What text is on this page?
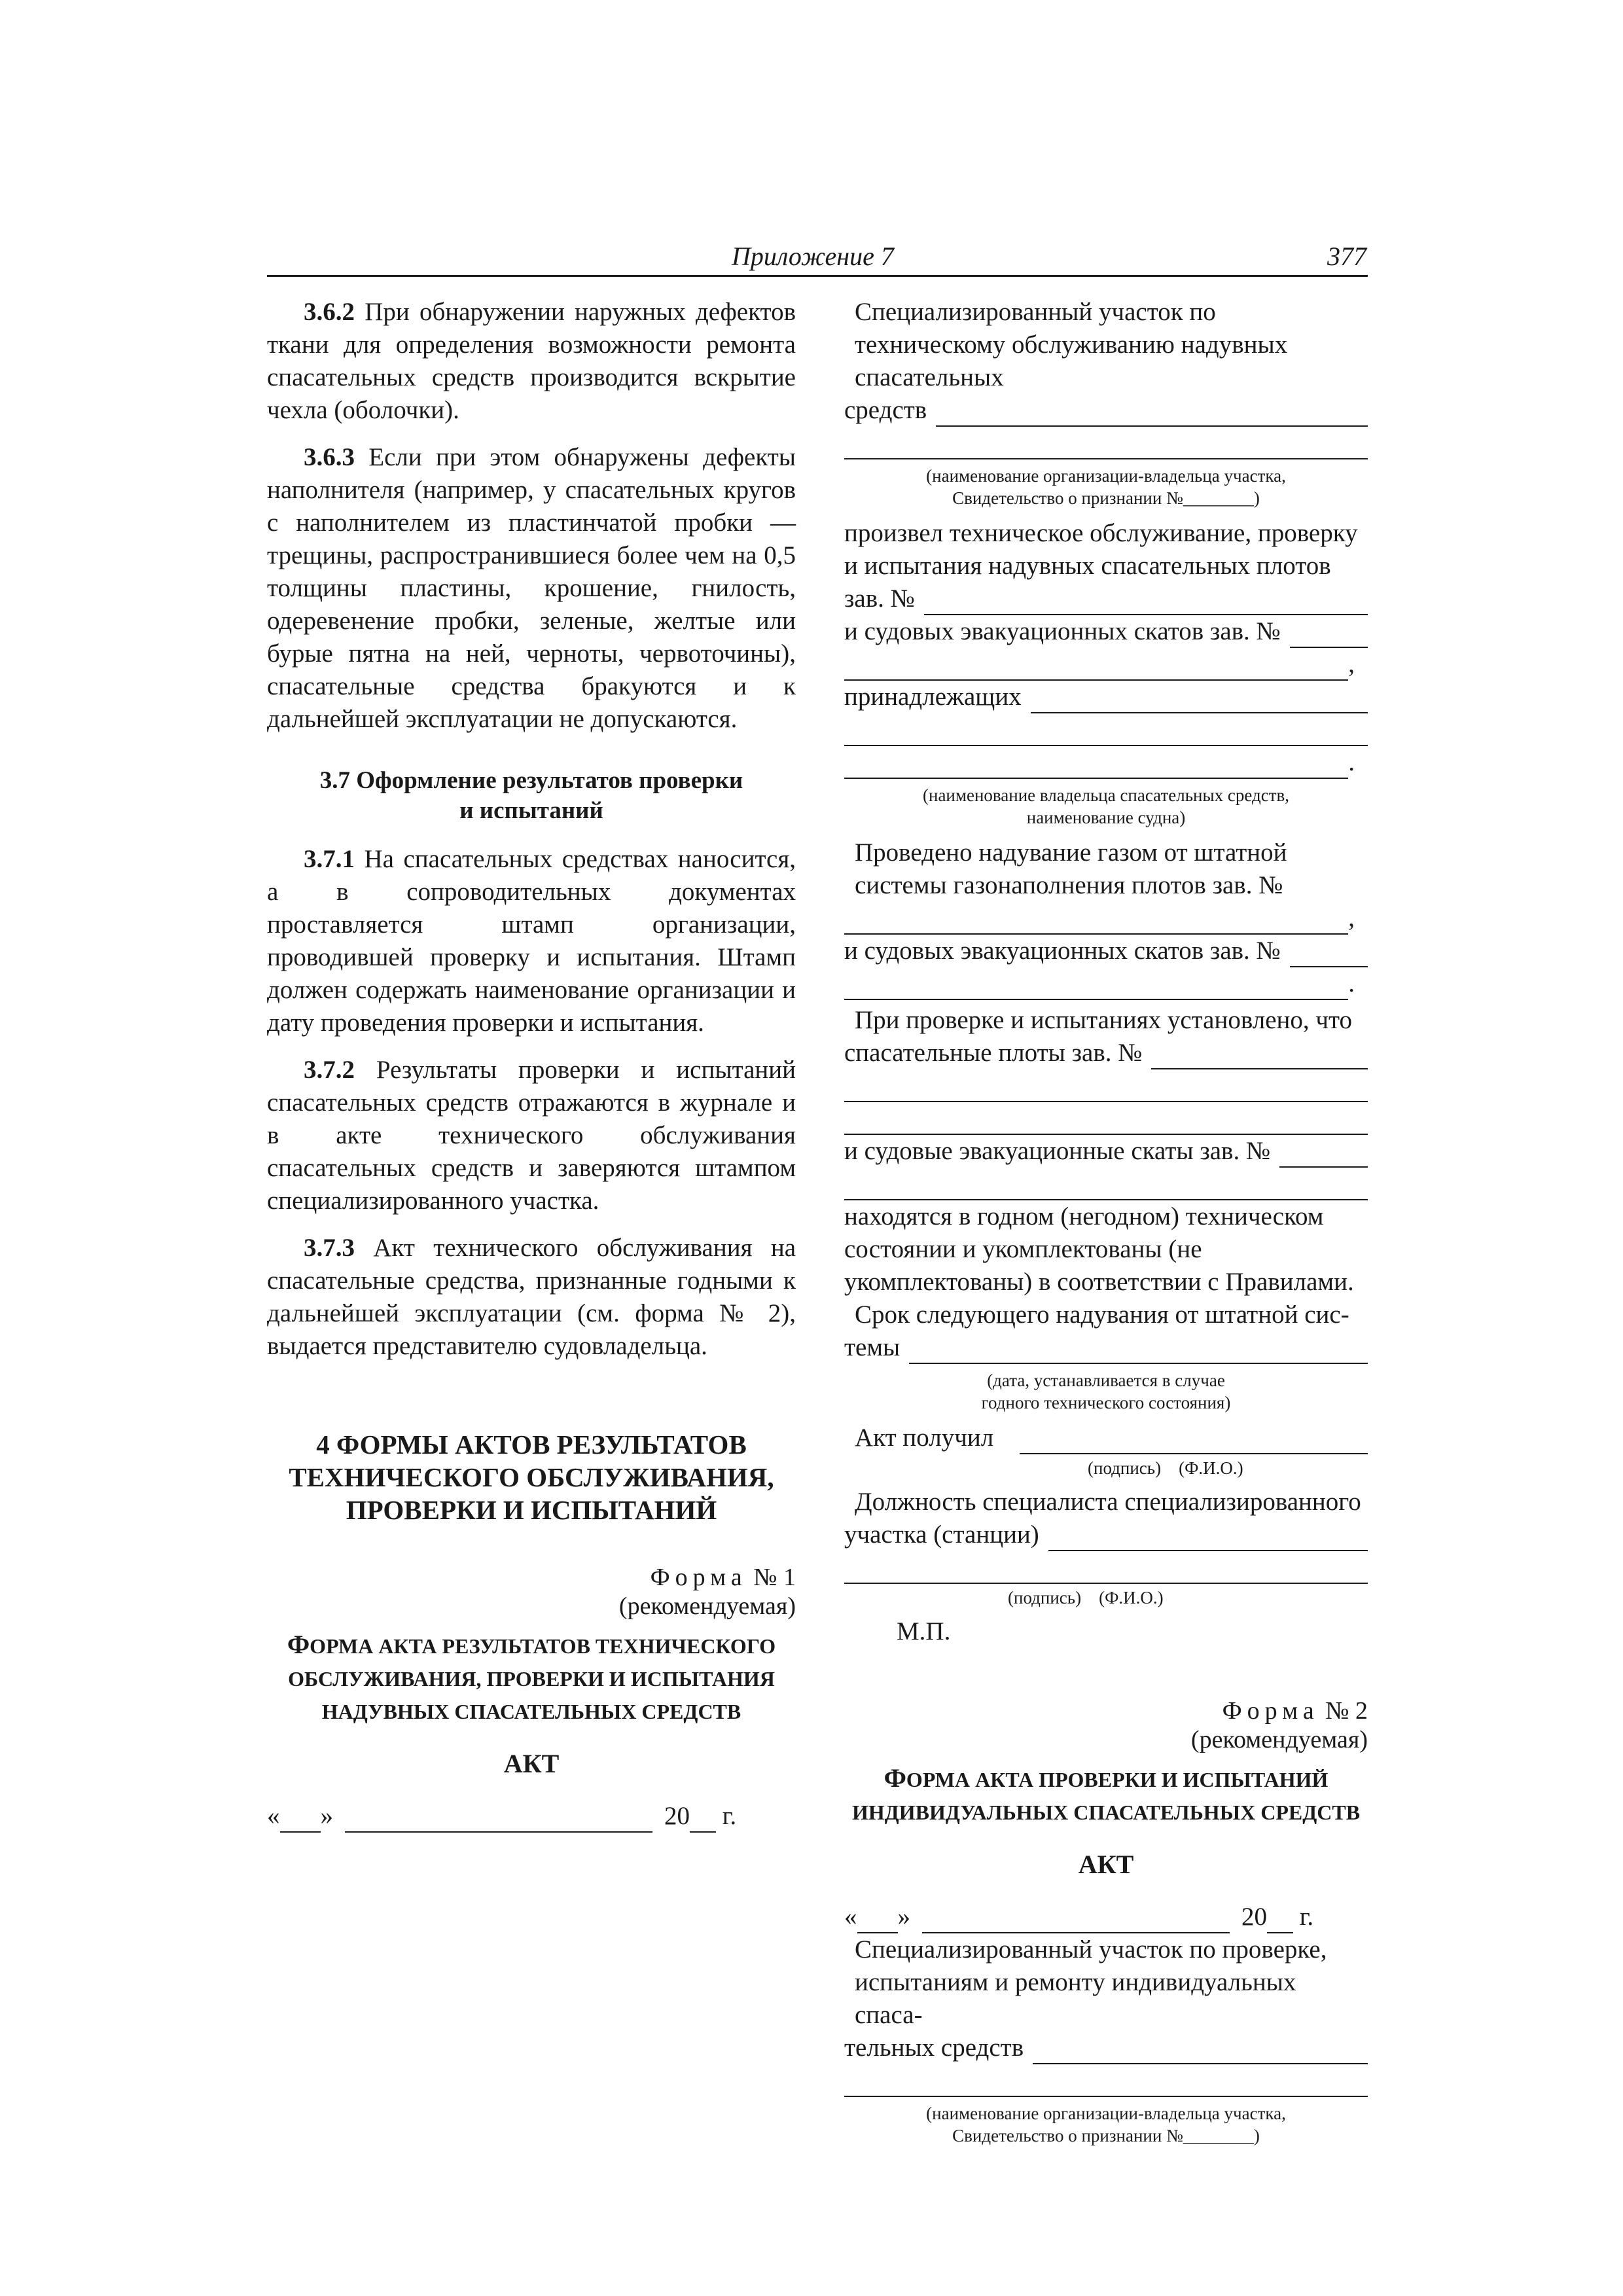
Приложение 7	377

3.6.2 При обнаружении наружных дефектов ткани для определения возможности ремонта спасательных средств производится вскрытие чехла (оболочки).

3.6.3 Если при этом обнаружены дефекты наполнителя (например, у спасательных кругов с наполнителем из пластинчатой пробки — трещины, распространившиеся более чем на 0,5 толщины пластины, крошение, гнилость, одеревенение пробки, зеленые, желтые или бурые пятна на ней, черноты, червоточины), спасательные средства бракуются и к дальнейшей эксплуатации не допускаются.

3.7 Оформление результатов проверки
и испытаний

3.7.1 На спасательных средствах наносится, а в сопроводительных документах проставляется штамп организации, проводившей проверку и испытания. Штамп должен содержать наименование организации и дату проведения проверки и испытания.

3.7.2 Результаты проверки и испытаний спасательных средств отражаются в журнале и в акте технического обслуживания спасательных средств и заверяются штампом специализированного участка.

3.7.3 Акт технического обслуживания на спасательные средства, признанные годными к дальнейшей эксплуатации (см. форма № 2), выдается представителю судовладельца.

4 ФОРМЫ АКТОВ РЕЗУЛЬТАТОВ
ТЕХНИЧЕСКОГО ОБСЛУЖИВАНИЯ,
ПРОВЕРКИ И ИСПЫТАНИЙ
Форма № 1
(рекомендуемая)
ФОРМА АКТА РЕЗУЛЬТАТОВ ТЕХНИЧЕСКОГО
ОБСЛУЖИВАНИЯ, ПРОВЕРКИ И ИСПЫТАНИЯ
НАДУВНЫХ СПАСАТЕЛЬНЫХ СРЕДСТВ
АКТ
« »	20
г.

Специализированный участок по техническому обслуживанию надувных спасательных

средств
(наименование организации-владельца участка,
Свидетельство о признании №________)

произвел техническое обслуживание, проверку и испытания надувных спасательных плотов

зав. №
и судовых эвакуационных скатов зав. №
,
принадлежащих
.
(наименование владельца спасательных средств,
наименование судна)

Проведено надувание газом от штатной системы газонаполнения плотов зав. №

,
и судовых эвакуационных скатов зав. №
.

При проверке и испытаниях установлено, что

спасательные плоты зав. №
и судовые эвакуационные скаты зав. №

находятся в годном (негодном) техническом состоянии и укомплектованы (не укомплектованы) в соответствии с Правилами.

Срок следующего надувания от штатной сис-

темы
(дата, устанавливается в случае
годного технического состояния)
Акт получил
(подпись) (Ф.И.О.)

Должность специалиста специализированного

участка (станции)
(подпись) (Ф.И.О.)
М.П.
Форма № 2
(рекомендуемая)
ФОРМА АКТА ПРОВЕРКИ И ИСПЫТАНИЙ
ИНДИВИДУАЛЬНЫХ СПАСАТЕЛЬНЫХ СРЕДСТВ
АКТ
« »	20
г.

Специализированный участок по проверке, испытаниям и ремонту индивидуальных спаса-

тельных средств
(наименование организации-владельца участка,
Свидетельство о признании №________)
